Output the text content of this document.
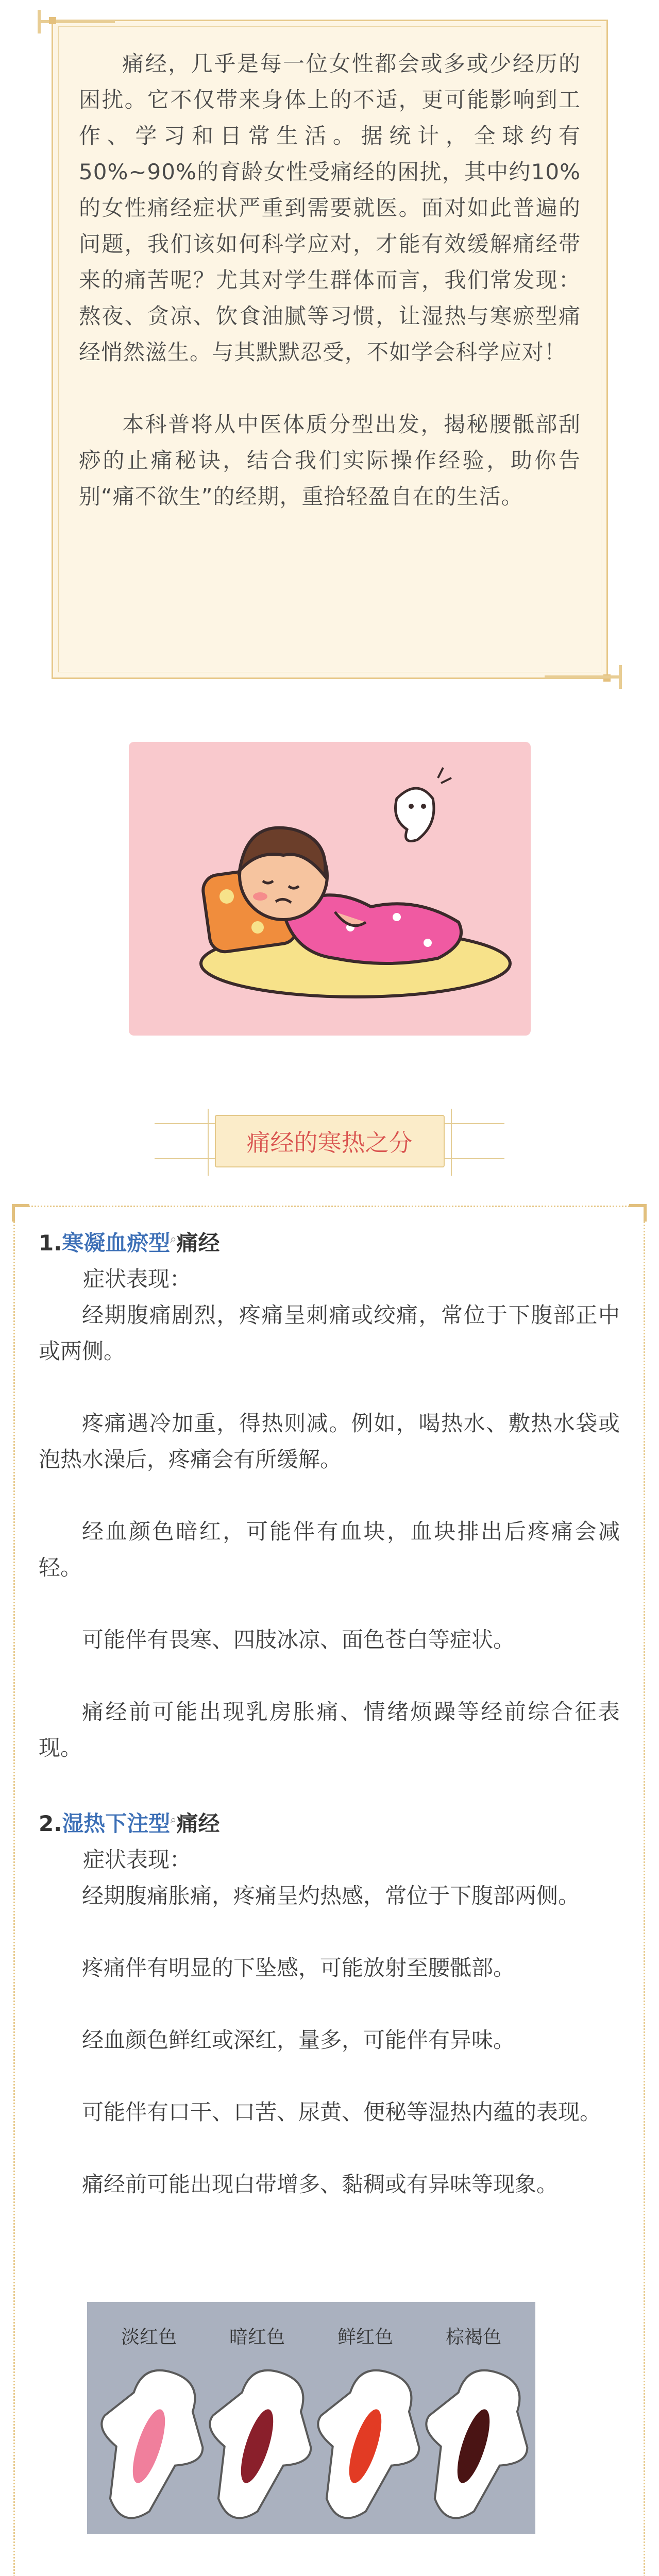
痛经，几乎是每一位女性都会或多或少经历的困扰。它不仅带来身体上的不适，更可能影响到工作、学习和日常生活。据统计，全球约有50%~90%的育龄女性受痛经的困扰，其中约10%的女性痛经症状严重到需要就医。面对如此普遍的问题，我们该如何科学应对，才能有效缓解痛经带来的痛苦呢？尤其对学生群体而言，我们常发现：熬夜、贪凉、饮食油腻等习惯，让湿热与寒瘀型痛经悄然滋生。与其默默忍受，不如学会科学应对！

本科普将从中医体质分型出发，揭秘腰骶部刮痧的止痛秘诀，结合我们实际操作经验，助你告别“痛不欲生”的经期，重拾轻盈自在的生活。

痛经的寒热之分
1.寒凝血瘀型⌕痛经
症状表现：
经期腹痛剧烈，疼痛呈刺痛或绞痛，常位于下腹部正中或两侧。
疼痛遇冷加重，得热则减。例如，喝热水、敷热水袋或泡热水澡后，疼痛会有所缓解。
经血颜色暗红，可能伴有血块，血块排出后疼痛会减轻。
可能伴有畏寒、四肢冰凉、面色苍白等症状。
痛经前可能出现乳房胀痛、情绪烦躁等经前综合征表现。
2.湿热下注型⌕痛经
症状表现：
经期腹痛胀痛，疼痛呈灼热感，常位于下腹部两侧。
疼痛伴有明显的下坠感，可能放射至腰骶部。
经血颜色鲜红或深红，量多，可能伴有异味。
可能伴有口干、口苦、尿黄、便秘等湿热内蕴的表现。
痛经前可能出现白带增多、黏稠或有异味等现象。
淡红色	暗红色	鲜红色	棕褐色
